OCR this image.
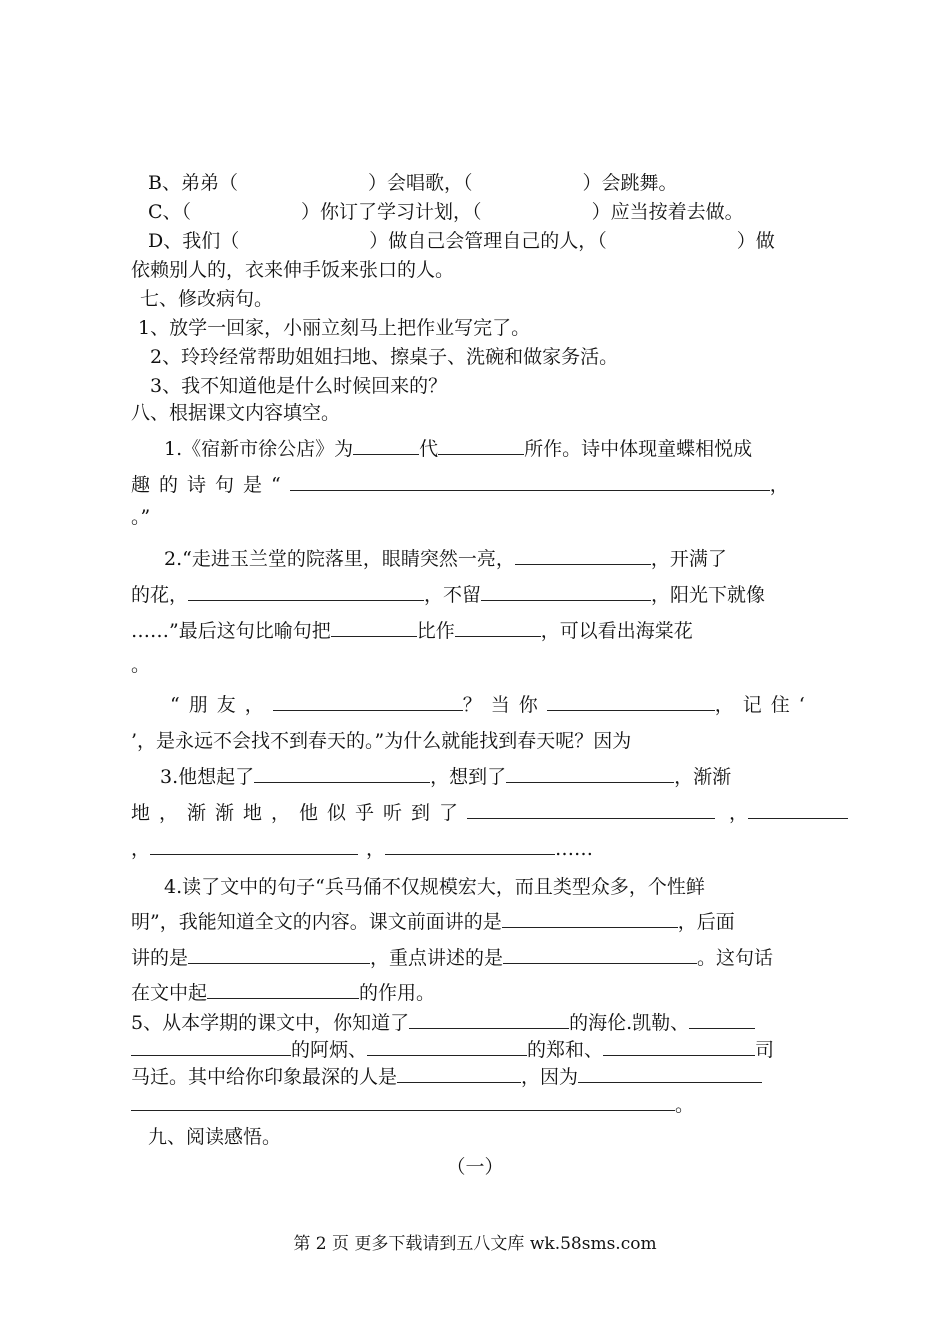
B、弟弟（	）会唱歌，（	）会跳舞。
C、（	）你订了学习计划，（	）应当按着去做。
D、我们（	）做自己会管理自己的人，（	）做
依赖别人的，衣来伸手饭来张口的人。
七、修改病句。
1、放学一回家，小丽立刻马上把作业写完了。
2、玲玲经常帮助姐姐扫地、擦桌子、洗碗和做家务活。
3、我不知道他是什么时候回来的？
八、根据课文内容填空。
1.《宿新市徐公店》为	代	所作。诗中体现童蝶相悦成
趣的诗句是“	，
。”
2.“走进玉兰堂的院落里，眼睛突然一亮，	，开满了
的花，	，不留	，阳光下就像
……”最后这句比喻句把	比作	，可以看出海棠花
。
“朋友，	？当你	，记住‘
’，是永远不会找不到春天的。”为什么就能找到春天呢？因为
3.他想起了	，想到了	，渐渐
地，渐渐地，他似乎听到了	，
，	，	……
4.读了文中的句子“兵马俑不仅规模宏大，而且类型众多，个性鲜
明”，我能知道全文的内容。课文前面讲的是	，后面
讲的是	，重点讲述的是	。这句话
在文中起	的作用。
5、从本学期的课文中，你知道了	的海伦.凯勒、
的阿炳、	的郑和、	司
马迁。其中给你印象最深的人是	，因为
。
九、阅读感悟。
（一）
第 2 页 更多下载请到五八文库 wk.58sms.com
